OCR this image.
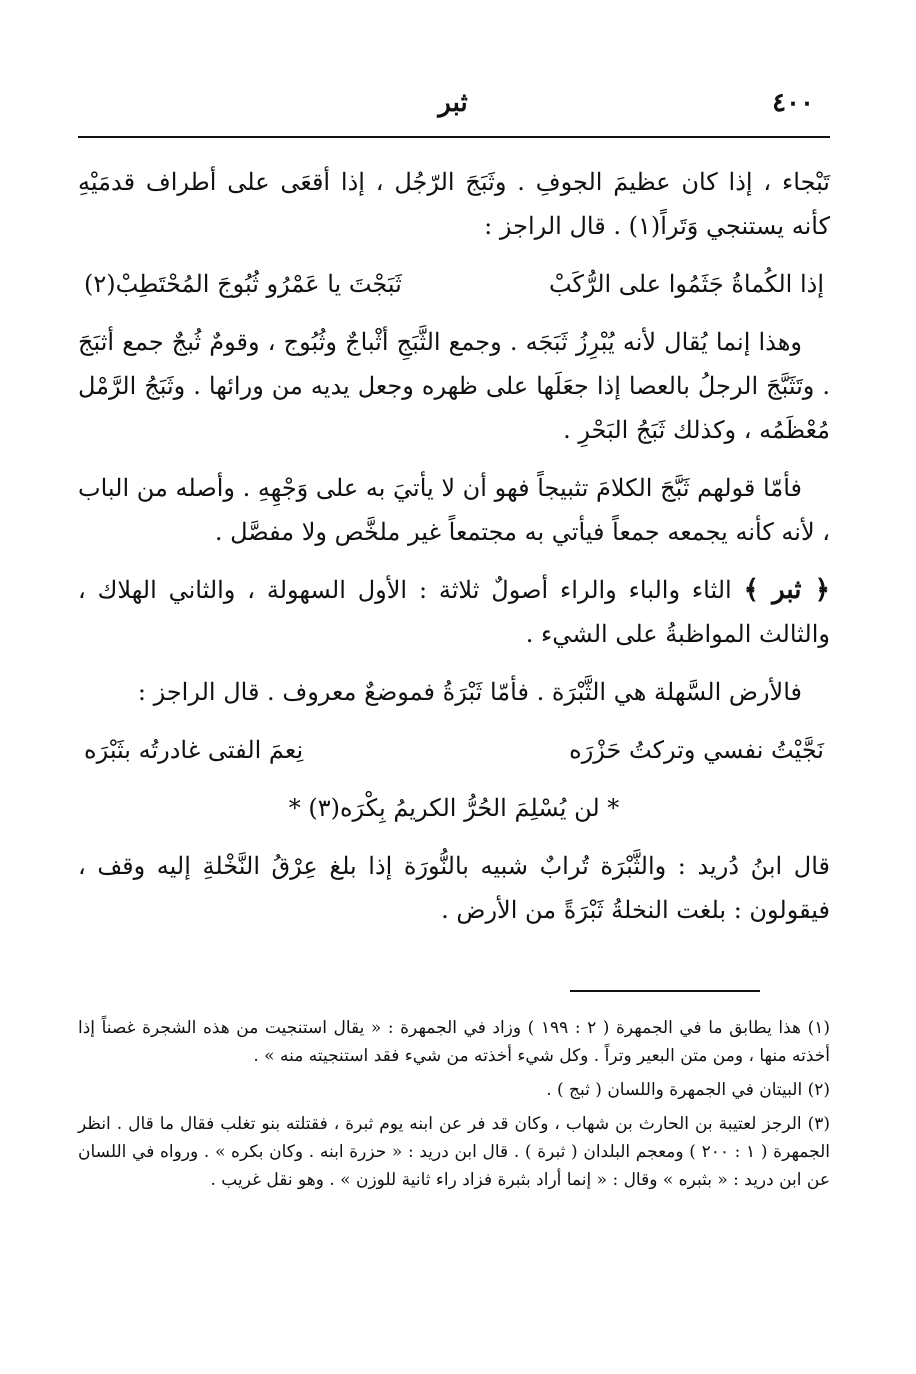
٤٠٠
ثبر

تَبْجاء ، إذا كان عظيمَ الجوفِ . وثَبَجَ الرّجُل ، إذا أقعَى على أطراف قدمَيْهِ كأنه يستنجي وَتَراً(١) . قال الراجز :

إذا الكُماةُ جَثَمُوا على الرُّكَبْ
ثَبَجْتَ يا عَمْرُو ثُبُوجَ المُحْتَطِبْ(٢)

وهذا إنما يُقال لأنه يُبْرِزُ ثَبَجَه . وجمع الثَّبَجِ أثْباجٌ وثُبُوج ، وقومٌ ثُبجٌ جمع أثبَجَ . وتَثَبَّجَ الرجلُ بالعصا إذا جعَلَها على ظهره وجعل يديه من ورائها . وثَبَجُ الرَّمْل مُعْظَمُه ، وكذلك ثَبَجُ البَحْرِ .

فأمّا قولهم ثَبَّجَ الكلامَ تثبيجاً فهو أن لا يأتيَ به على وَجْهِهِ . وأصله من الباب ، لأنه كأنه يجمعه جمعاً فيأتي به مجتمعاً غير ملخَّص ولا مفصَّل .

﴿ ثبر ﴾ الثاء والباء والراء أصولٌ ثلاثة : الأول السهولة ، والثاني الهلاك ، والثالث المواظبةُ على الشيء .

فالأرض السَّهلة هي الثَّبْرَة . فأمّا ثَبْرَةُ فموضعٌ معروف . قال الراجز :

نَجَّيْتُ نفسي وتركتُ حَزْرَه
نِعمَ الفتى غادرتُه بثَبْرَه
* لن يُسْلِمَ الحُرُّ الكريمُ بِكْرَه(٣) *

قال ابنُ دُريد : والثَّبْرَة تُرابٌ شبيه بالنُّورَة إذا بلغ عِرْقُ النَّخْلةِ إليه وقف ، فيقولون : بلغت النخلةُ ثَبْرَةً من الأرض .

(١) هذا يطابق ما في الجمهرة ( ٢ : ١٩٩ ) وزاد في الجمهرة : « يقال استنجيت من هذه الشجرة غصناً إذا أخذته منها ، ومن متن البعير وتراً . وكل شيء أخذته من شيء فقد استنجيته منه » .

(٢) البيتان في الجمهرة واللسان ( ثبج ) .

(٣) الرجز لعتيبة بن الحارث بن شهاب ، وكان قد فر عن ابنه يوم ثبرة ، فقتلته بنو تغلب فقال ما قال . انظر الجمهرة ( ١ : ٢٠٠ ) ومعجم البلدان ( ثبرة ) . قال ابن دريد : « حزرة ابنه . وكان بكره » . ورواه في اللسان عن ابن دريد : « بثبره » وقال : « إنما أراد بثبرة فزاد راء ثانية للوزن » . وهو نقل غريب .
